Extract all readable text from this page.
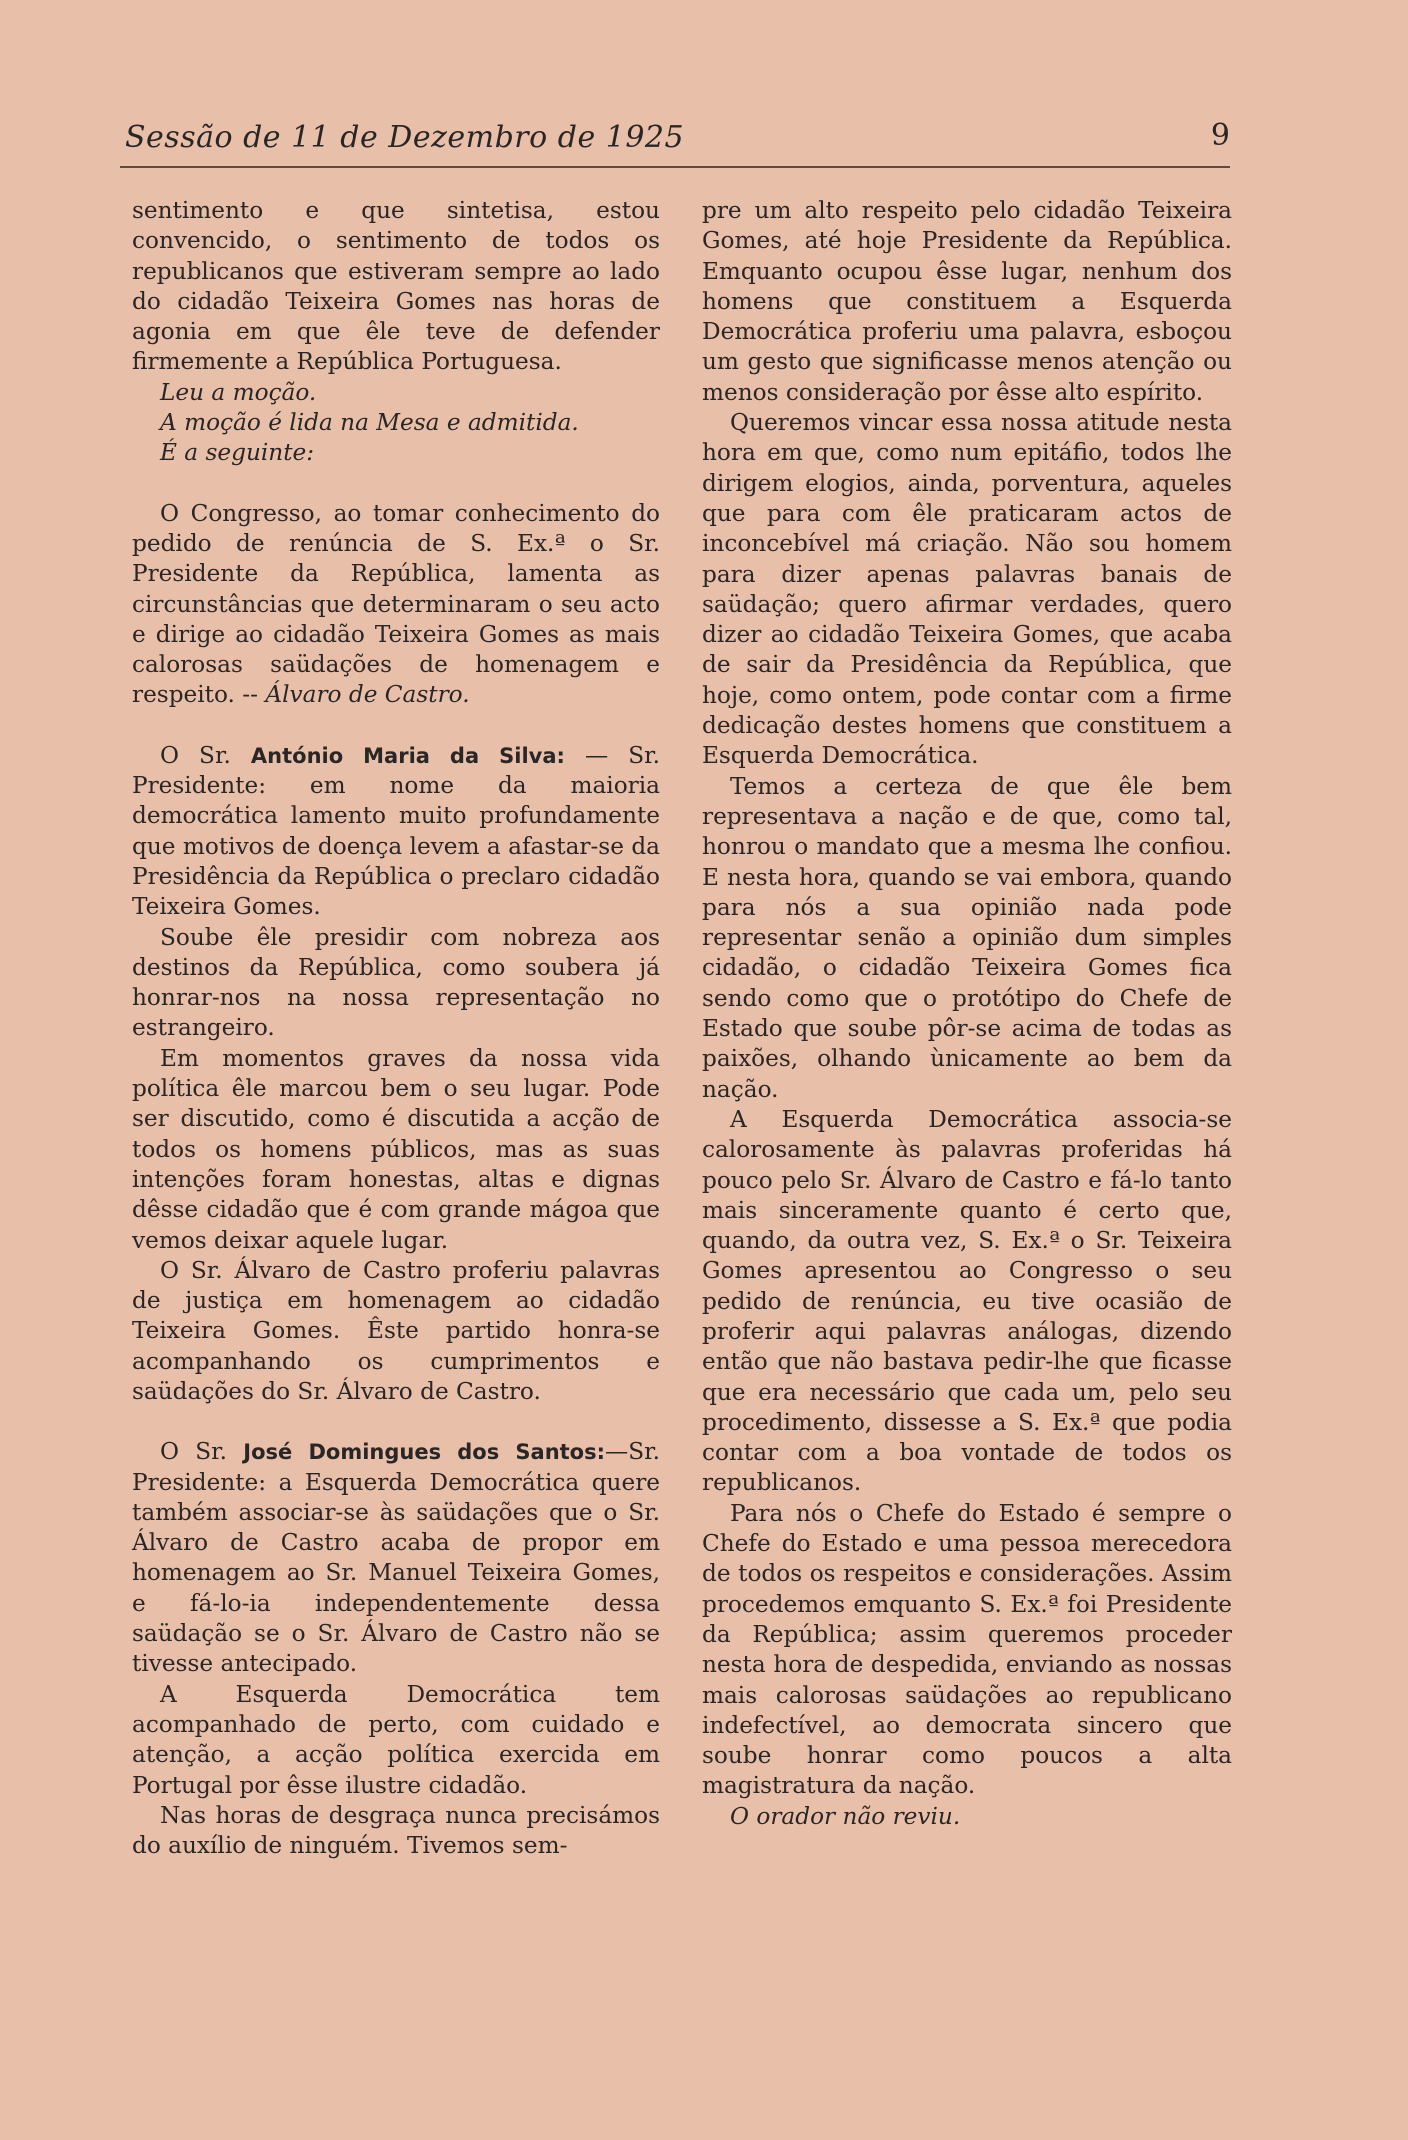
Sessão de 11 de Dezembro de 1925	9

sentimento e que sintetisa, estou convencido, o sentimento de todos os republicanos que estiveram sempre ao lado do cidadão Teixeira Gomes nas horas de agonia em que êle teve de defender firmemente a República Portuguesa.

Leu a moção.

A moção é lida na Mesa e admitida.

É a seguinte:

O Congresso, ao tomar conhecimento do pedido de renúncia de S. Ex.ª o Sr. Presidente da República, lamenta as circunstâncias que determinaram o seu acto e dirige ao cidadão Teixeira Gomes as mais calorosas saüdações de homenagem e respeito. -- Álvaro de Castro.

O Sr. António Maria da Silva: — Sr. Presidente: em nome da maioria democrática lamento muito profundamente que motivos de doença levem a afastar-se da Presidência da República o preclaro cidadão Teixeira Gomes.

Soube êle presidir com nobreza aos destinos da República, como soubera já honrar-nos na nossa representação no estrangeiro.

Em momentos graves da nossa vida política êle marcou bem o seu lugar. Pode ser discutido, como é discutida a acção de todos os homens públicos, mas as suas intenções foram honestas, altas e dignas dêsse cidadão que é com grande mágoa que vemos deixar aquele lugar.

O Sr. Álvaro de Castro proferiu palavras de justiça em homenagem ao cidadão Teixeira Gomes. Êste partido honra-se acompanhando os cumprimentos e saüdações do Sr. Álvaro de Castro.

O Sr. José Domingues dos Santos:—Sr. Presidente: a Esquerda Democrática quere também associar-se às saüdações que o Sr. Álvaro de Castro acaba de propor em homenagem ao Sr. Manuel Teixeira Gomes, e fá-lo-ia independentemente dessa saüdação se o Sr. Álvaro de Castro não se tivesse antecipado.

A Esquerda Democrática tem acompanhado de perto, com cuidado e atenção, a acção política exercida em Portugal por êsse ilustre cidadão.

Nas horas de desgraça nunca precisámos do auxílio de ninguém. Tivemos sem-

pre um alto respeito pelo cidadão Teixeira Gomes, até hoje Presidente da República. Emquanto ocupou êsse lugar, nenhum dos homens que constituem a Esquerda Democrática proferiu uma palavra, esboçou um gesto que significasse menos atenção ou menos consideração por êsse alto espírito.

Queremos vincar essa nossa atitude nesta hora em que, como num epitáfio, todos lhe dirigem elogios, ainda, porventura, aqueles que para com êle praticaram actos de inconcebível má criação. Não sou homem para dizer apenas palavras banais de saüdação; quero afirmar verdades, quero dizer ao cidadão Teixeira Gomes, que acaba de sair da Presidência da República, que hoje, como ontem, pode contar com a firme dedicação destes homens que constituem a Esquerda Democrática.

Temos a certeza de que êle bem representava a nação e de que, como tal, honrou o mandato que a mesma lhe confiou. E nesta hora, quando se vai embora, quando para nós a sua opinião nada pode representar senão a opinião dum simples cidadão, o cidadão Teixeira Gomes fica sendo como que o protótipo do Chefe de Estado que soube pôr-se acima de todas as paixões, olhando ùnicamente ao bem da nação.

A Esquerda Democrática associa-se calorosamente às palavras proferidas há pouco pelo Sr. Álvaro de Castro e fá-lo tanto mais sinceramente quanto é certo que, quando, da outra vez, S. Ex.ª o Sr. Teixeira Gomes apresentou ao Congresso o seu pedido de renúncia, eu tive ocasião de proferir aqui palavras análogas, dizendo então que não bastava pedir-lhe que ficasse que era necessário que cada um, pelo seu procedimento, dissesse a S. Ex.ª que podia contar com a boa vontade de todos os republicanos.

Para nós o Chefe do Estado é sempre o Chefe do Estado e uma pessoa merecedora de todos os respeitos e considerações. Assim procedemos emquanto S. Ex.ª foi Presidente da República; assim queremos proceder nesta hora de despedida, enviando as nossas mais calorosas saüdações ao republicano indefectível, ao democrata sincero que soube honrar como poucos a alta magistratura da nação.

O orador não reviu.
